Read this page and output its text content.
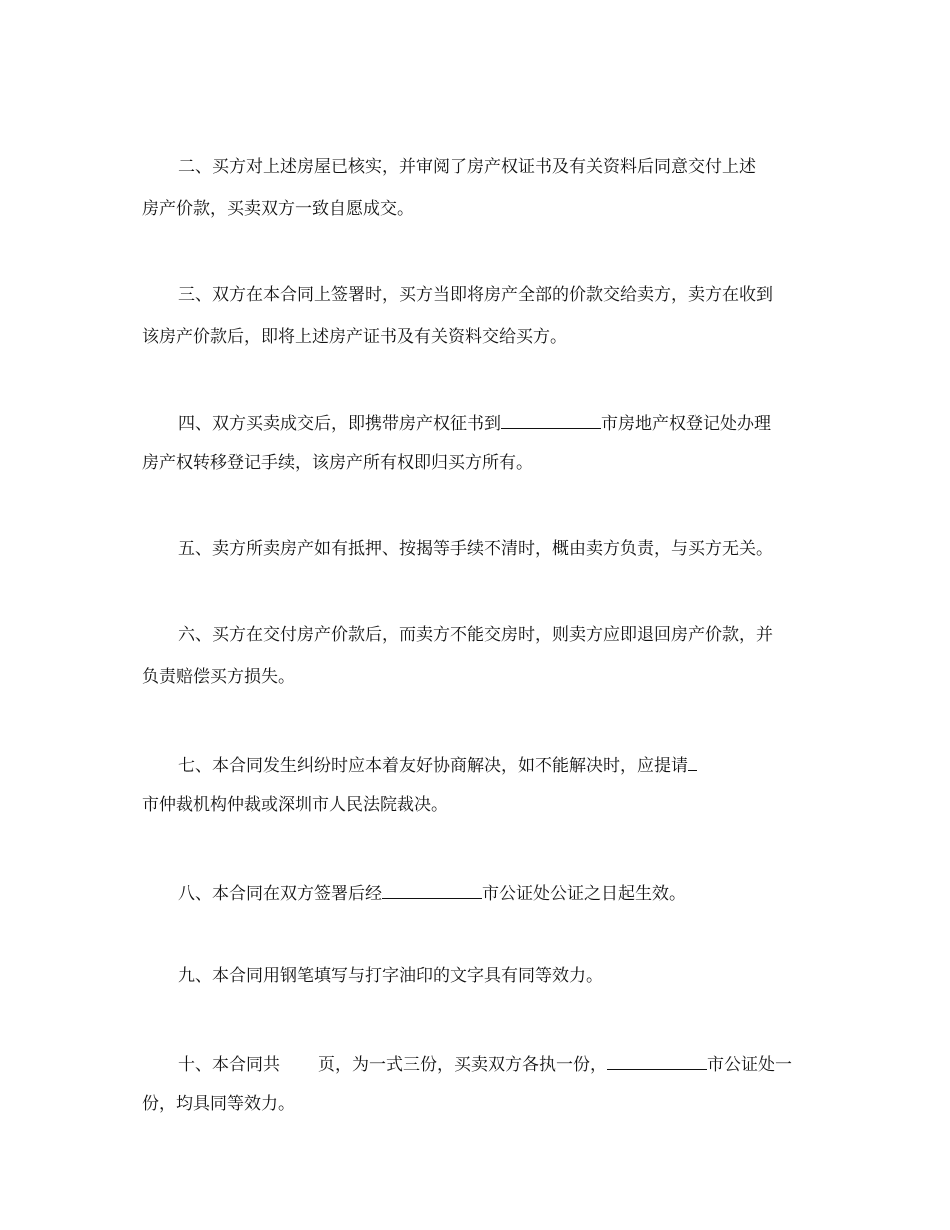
二、买方对上述房屋已核实，并审阅了房产权证书及有关资料后同意交付上述
房产价款，买卖双方一致自愿成交。
三、双方在本合同上签署时，买方当即将房产全部的价款交给卖方，卖方在收到
该房产价款后，即将上述房产证书及有关资料交给买方。
四、双方买卖成交后，即携带房产权征书到	市房地产权登记处办理
房产权转移登记手续，该房产所有权即归买方所有。
五、卖方所卖房产如有抵押、按揭等手续不清时，概由卖方负责，与买方无关。
六、买方在交付房产价款后，而卖方不能交房时，则卖方应即退回房产价款，并
负责赔偿买方损失。
七、本合同发生纠纷时应本着友好协商解决，如不能解决时，应提请
市仲裁机构仲裁或深圳市人民法院裁决。
八、本合同在双方签署后经	市公证处公证之日起生效。
九、本合同用钢笔填写与打字油印的文字具有同等效力。
十、本合同共 页，为一式三份，买卖双方各执一份，	市公证处一
份，均具同等效力。
